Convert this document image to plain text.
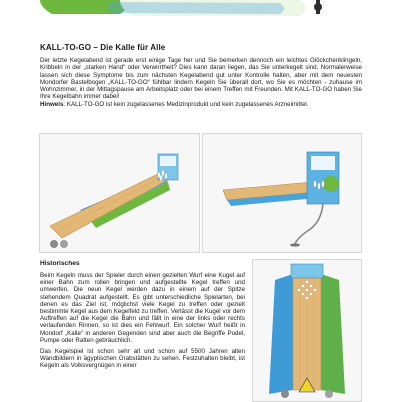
KALL-TO-GO – Die Kalle für Alle

Der letzte Kegelabend ist gerade erst einige Tage her und Sie bemerken dennoch ein leichtes Glöckchenklingeln, Kribbeln in der „starken Hand“ oder Verwirrtheit? Dies kann daran liegen, das Sie unterkegelt sind. Normalerweise lassen sich diese Symptome bis zum nächsten Kegelabend gut unter Kontrolle halten, aber mit dem neuesten Mondorfer Bastelbogen „KALL-TO-GO“ fühlbar lindern Kegeln Sie überall dort, wo Sie es möchten - zuhause im Wohnzimmer, in der Mittagspause am Arbeitsplatz oder bei einem Treffen mit Freunden. Mit KALL-TO-GO haben Sie Ihre Kegelbahn immer dabei!

Hinweis: KALL-TO-GO ist kein zugelassenes Medizinprodukt und kein zugelassenes Arzneimittel.

Historisches

Beim Kegeln muss der Spieler durch einen gezielten Wurf eine Kugel auf einer Bahn zum rollen bringen und aufgestellte Kegel treffen und umwerfen. Die neun Kegel werden dazu in einem auf der Spitze stehendem Quadrat aufgestellt. Es gibt unterschiedliche Spielarten, bei denen es das Ziel ist, möglichst viele Kegel zu treffen oder gezielt bestimmte Kegel aus dem Kegelfeld zu treffen. Verlässt die Kugel vor dem Auftreffen auf die Kegel die Bahn und fällt in eine der links oder rechts verlaufenden Rinnen, so ist dies ein Fehlwurf. Ein solcher Wurf heißt in Mondorf „Kalle“ in anderen Gegenden sind aber auch die Begriffe Pudel, Pumpe oder Ratten gebräuchlich.

Das Kegelspiel ist schon sehr alt und schon auf 5500 Jahren alten Wandbildern in ägyptischen Grabstätten zu sehen. Festzuhalten bleibt, ist Kegeln als Volksvergnügen in einer
